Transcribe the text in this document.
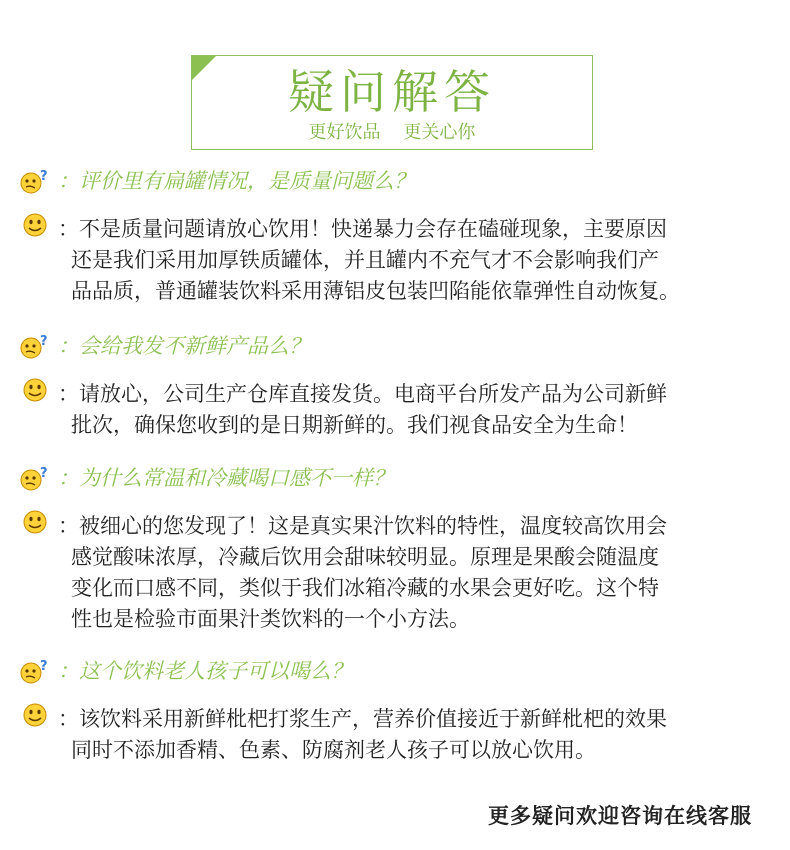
疑问解答
更好饮品    更关心你
? ：评价里有扁罐情况，是质量问题么？
：不是质量问题请放心饮用！快递暴力会存在磕碰现象，主要原因
还是我们采用加厚铁质罐体，并且罐内不充气才不会影响我们产
品品质，普通罐装饮料采用薄铝皮包装凹陷能依靠弹性自动恢复。
? ：会给我发不新鲜产品么？
：请放心，公司生产仓库直接发货。电商平台所发产品为公司新鲜
批次，确保您收到的是日期新鲜的。我们视食品安全为生命！
? ：为什么常温和冷藏喝口感不一样？
：被细心的您发现了！这是真实果汁饮料的特性，温度较高饮用会
感觉酸味浓厚，冷藏后饮用会甜味较明显。原理是果酸会随温度
变化而口感不同，类似于我们冰箱冷藏的水果会更好吃。这个特
性也是检验市面果汁类饮料的一个小方法。
? ：这个饮料老人孩子可以喝么？
：该饮料采用新鲜枇杷打浆生产，营养价值接近于新鲜枇杷的效果
同时不添加香精、色素、防腐剂老人孩子可以放心饮用。
更多疑问欢迎咨询在线客服
